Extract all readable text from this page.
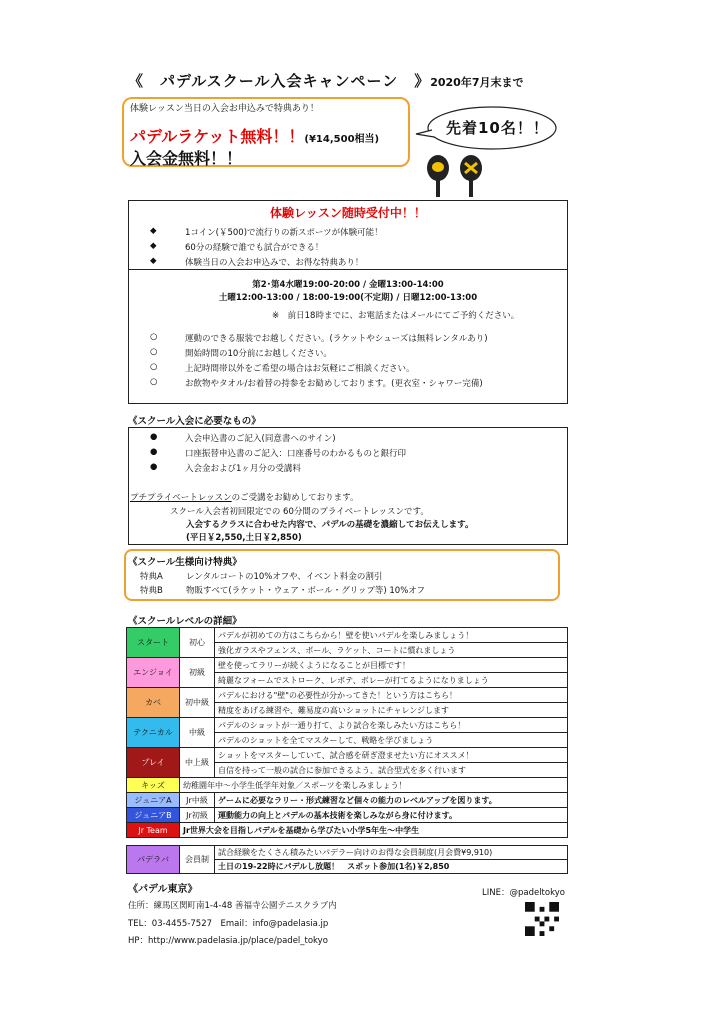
《　パデルスクール入会キャンペーン　》2020年7月末まで
体験レッスン当日の入会お申込みで特典あり！
パデルラケット無料！！(¥14,500相当)
入会金無料！！
先着10名！！
体験レッスン随時受付中！！
◆	1コイン(￥500)で流行りの新スポーツが体験可能！
◆	60分の経験で誰でも試合ができる！
◆	体験当日の入会お申込みで、お得な特典あり！
第2･第4水曜19:00-20:00 / 金曜13:00-14:00
土曜12:00-13:00 / 18:00-19:00(不定期) / 日曜12:00-13:00
※　前日18時までに、お電話またはメールにてご予約ください。
○	運動のできる服装でお越しください。(ラケットやシューズは無料レンタルあり)
○	開始時間の10分前にお越しください。
○	上記時間帯以外をご希望の場合はお気軽にご相談ください。
○	お飲物やタオル/お着替の持参をお勧めしております。(更衣室・シャワー完備)
《スクール入会に必要なもの》
●	入会申込書のご記入(同意書へのサイン)
●	口座振替申込書のご記入：口座番号のわかるものと銀行印
●	入会金および1ヶ月分の受講料
プチプライベートレッスンのご受講をお勧めしております。
スクール入会者初回限定での 60分間のプライベートレッスンです。
入会するクラスに合わせた内容で、パデルの基礎を濃縮してお伝えします。
(平日￥2,550,土日￥2,850)
《スクール生様向け特典》
特典A	レンタルコートの10%オフや、イベント料金の割引
特典B	物販すべて(ラケット・ウェア・ボール・グリップ等) 10%オフ
《スクールレベルの詳細》
スタート	初心	パデルが初めての方はこちらから！壁を使いパデルを楽しみましょう！
		強化ガラスやフェンス、ボール、ラケット、コートに慣れましょう
エンジョイ	初級	壁を使ってラリーが続くようになることが目標です！
		綺麗なフォームでストローク、レボテ、ボレーが打てるようになりましょう
カベ	初中級	パデルにおける"壁"の必要性が分かってきた！という方はこちら！
		精度をあげる練習や、難易度の高いショットにチャレンジします
テクニカル	中級	パデルのショットが一通り打て、より試合を楽しみたい方はこちら！
		パデルのショットを全てマスターして、戦略を学びましょう
プレイ	中上級	ショットをマスターしていて、試合感を研ぎ澄ませたい方にオススメ！
		自信を持って一般の試合に参加できるよう、試合型式を多く行います
キッズ	幼稚園年中～小学生低学年対象／スポーツを楽しみましょう！	
ジュニアA	Jr中級	ゲームに必要なラリー・形式練習など個々の能力のレベルアップを図ります。
ジュニアB	Jr初級	運動能力の向上とパデルの基本技術を楽しみながら身に付けます。
Jr Team	Jr世界大会を目指しパデルを基礎から学びたい小学5年生～中学生	
パデラバ	会員制	試合経験をたくさん積みたいパデラー向けのお得な会員制度(月会費¥9,910)
土日の19-22時にパデルし放題！　スポット参加(1名)￥2,850
《パデル東京》
住所：練馬区関町南1-4-48 善福寺公園テニスクラブ内
TEL：03-4455-7527　Email：info@padelasia.jp
HP：http://www.padelasia.jp/place/padel_tokyo
LINE：@padeltokyo
